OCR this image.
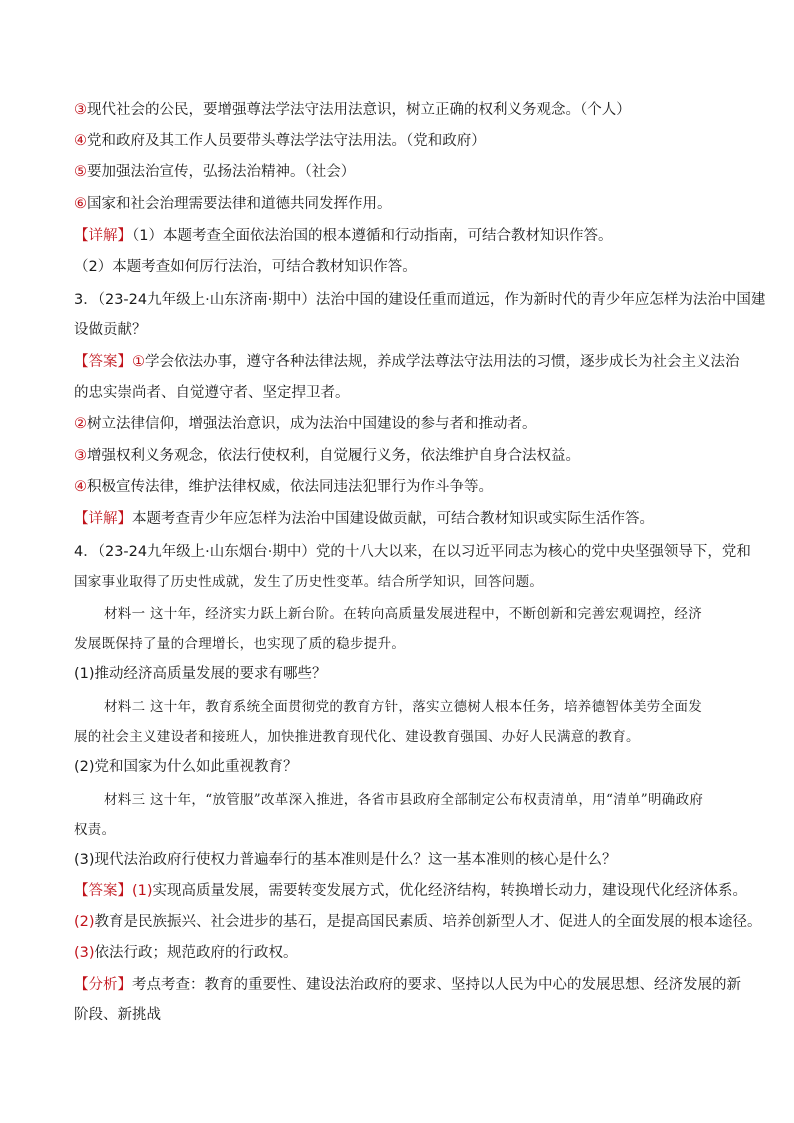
③现代社会的公民，要增强尊法学法守法用法意识，树立正确的权利义务观念。（个人）
④党和政府及其工作人员要带头尊法学法守法用法。（党和政府）
⑤要加强法治宣传，弘扬法治精神。（社会）
⑥国家和社会治理需要法律和道德共同发挥作用。
【详解】（1）本题考查全面依法治国的根本遵循和行动指南，可结合教材知识作答。
（2）本题考查如何厉行法治，可结合教材知识作答。
3．（23-24九年级上·山东济南·期中）法治中国的建设任重而道远，作为新时代的青少年应怎样为法治中国建
设做贡献？
【答案】①学会依法办事，遵守各种法律法规，养成学法尊法守法用法的习惯，逐步成长为社会主义法治
的忠实崇尚者、自觉遵守者、坚定捍卫者。
②树立法律信仰，增强法治意识，成为法治中国建设的参与者和推动者。
③增强权利义务观念，依法行使权利，自觉履行义务，依法维护自身合法权益。
④积极宣传法律，维护法律权威，依法同违法犯罪行为作斗争等。
【详解】本题考查青少年应怎样为法治中国建设做贡献，可结合教材知识或实际生活作答。
4．（23-24九年级上·山东烟台·期中）党的十八大以来，在以习近平同志为核心的党中央坚强领导下，党和
国家事业取得了历史性成就，发生了历史性变革。结合所学知识，回答问题。
材料一 这十年，经济实力跃上新台阶。在转向高质量发展进程中，不断创新和完善宏观调控，经济
发展既保持了量的合理增长，也实现了质的稳步提升。
(1)推动经济高质量发展的要求有哪些？
材料二 这十年，教育系统全面贯彻党的教育方针，落实立德树人根本任务，培养德智体美劳全面发
展的社会主义建设者和接班人，加快推进教育现代化、建设教育强国、办好人民满意的教育。
(2)党和国家为什么如此重视教育？
材料三 这十年，“放管服”改革深入推进，各省市县政府全部制定公布权责清单，用“清单”明确政府
权责。
(3)现代法治政府行使权力普遍奉行的基本准则是什么？这一基本准则的核心是什么？
【答案】(1)实现高质量发展，需要转变发展方式，优化经济结构，转换增长动力，建设现代化经济体系。
(2)教育是民族振兴、社会进步的基石，是提高国民素质、培养创新型人才、促进人的全面发展的根本途径。
(3)依法行政；规范政府的行政权。
【分析】考点考查：教育的重要性、建设法治政府的要求、坚持以人民为中心的发展思想、经济发展的新
阶段、新挑战
